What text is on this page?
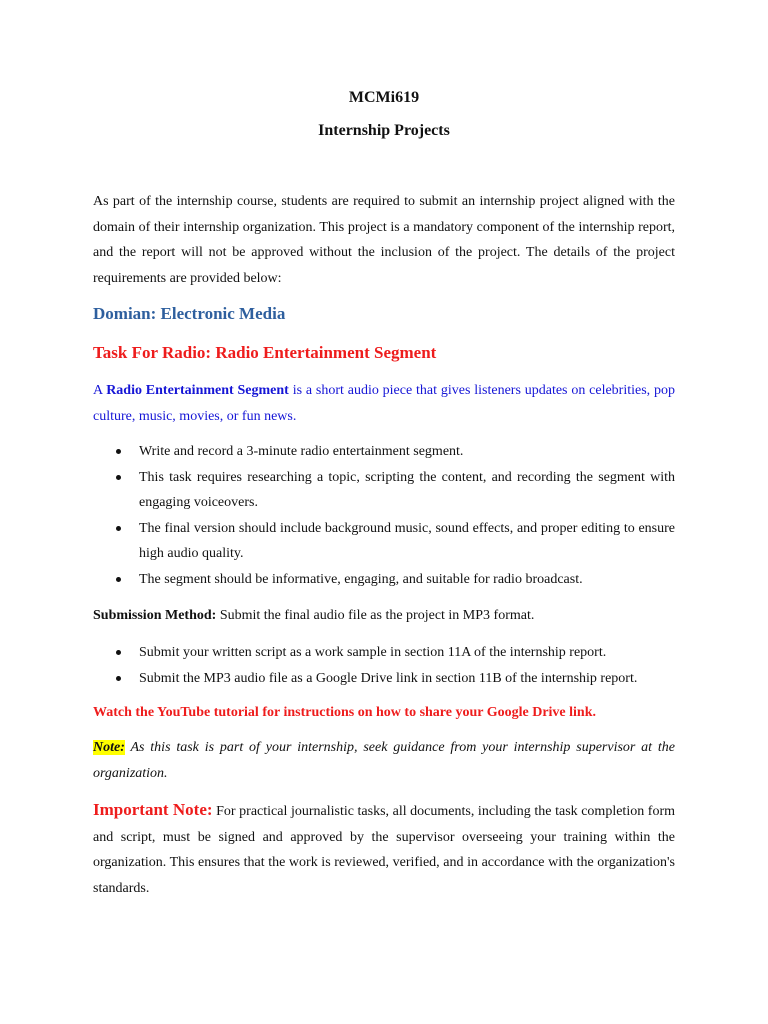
MCMi619
Internship Projects
As part of the internship course, students are required to submit an internship project aligned with the domain of their internship organization. This project is a mandatory component of the internship report, and the report will not be approved without the inclusion of the project. The details of the project requirements are provided below:
Domian: Electronic Media
Task For Radio: Radio Entertainment Segment
A Radio Entertainment Segment is a short audio piece that gives listeners updates on celebrities, pop culture, music, movies, or fun news.
Write and record a 3-minute radio entertainment segment.
This task requires researching a topic, scripting the content, and recording the segment with engaging voiceovers.
The final version should include background music, sound effects, and proper editing to ensure high audio quality.
The segment should be informative, engaging, and suitable for radio broadcast.
Submission Method: Submit the final audio file as the project in MP3 format.
Submit your written script as a work sample in section 11A of the internship report.
Submit the MP3 audio file as a Google Drive link in section 11B of the internship report.
Watch the YouTube tutorial for instructions on how to share your Google Drive link.
Note: As this task is part of your internship, seek guidance from your internship supervisor at the organization.
Important Note: For practical journalistic tasks, all documents, including the task completion form and script, must be signed and approved by the supervisor overseeing your training within the organization. This ensures that the work is reviewed, verified, and in accordance with the organization's standards.
